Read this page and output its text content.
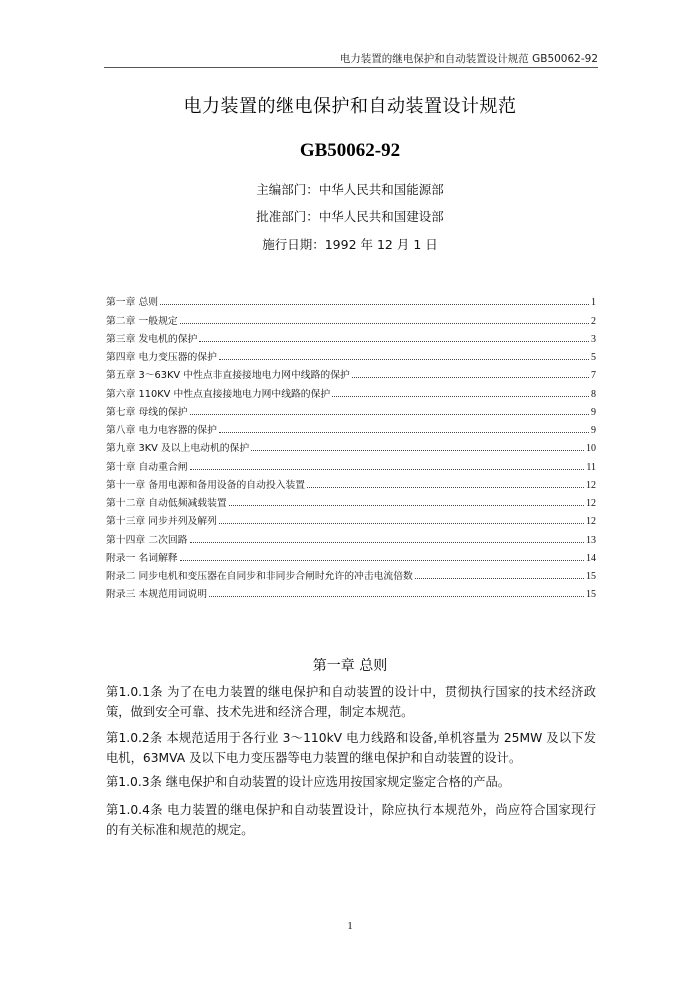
电力装置的继电保护和自动装置设计规范 GB50062-92
电力装置的继电保护和自动装置设计规范
GB50062-92
主编部门：中华人民共和国能源部
批准部门：中华人民共和国建设部
施行日期：1992 年 12 月 1 日
第一章 总则	1
第二章 一般规定	2
第三章 发电机的保护	3
第四章 电力变压器的保护	5
第五章 3～63KV 中性点非直接接地电力网中线路的保护	7
第六章 110KV 中性点直接接地电力网中线路的保护	8
第七章 母线的保护	9
第八章 电力电容器的保护	9
第九章 3KV 及以上电动机的保护	10
第十章 自动重合闸	11
第十一章 备用电源和备用设备的自动投入装置	12
第十二章 自动低频减载装置	12
第十三章 同步并列及解列	12
第十四章 二次回路	13
附录一 名词解释	14
附录二 同步电机和变压器在自同步和非同步合闸时允许的冲击电流倍数	15
附录三 本规范用词说明	15
第一章 总则
第1.0.1条 为了在电力装置的继电保护和自动装置的设计中，贯彻执行国家的技术经济政策，做到安全可靠、技术先进和经济合理，制定本规范。
第1.0.2条 本规范适用于各行业 3～110kV 电力线路和设备,单机容量为 25MW 及以下发电机，63MVA 及以下电力变压器等电力装置的继电保护和自动装置的设计。
第1.0.3条 继电保护和自动装置的设计应选用按国家规定鉴定合格的产品。
第1.0.4条 电力装置的继电保护和自动装置设计，除应执行本规范外，尚应符合国家现行的有关标准和规范的规定。
1
